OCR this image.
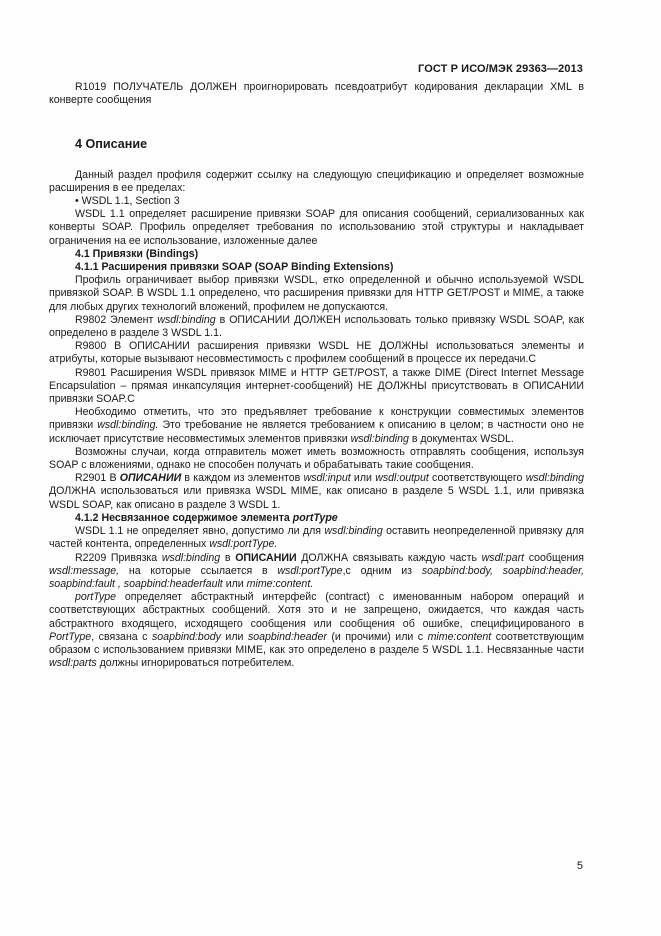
ГОСТ Р ИСО/МЭК 29363—2013

R1019 ПОЛУЧАТЕЛЬ ДОЛЖЕН проигнорировать псевдоатрибут кодирования декларации XML в конверте сообщения

4 Описание

Данный раздел профиля содержит ссылку на следующую спецификацию и определяет возможные расширения в ее пределах:

• WSDL 1.1, Section 3

WSDL 1.1 определяет расширение привязки SOAP для описания сообщений, сериализованных как конверты SOAP. Профиль определяет требования по использованию этой структуры и накладывает ограничения на ее использование, изложенные далее

4.1 Привязки (Bindings)

4.1.1 Расширения привязки SOAP (SOAP Binding Extensions)

Профиль ограничивает выбор привязки WSDL, етко определенной и обычно используемой WSDL привязкой SOAP. В WSDL 1.1 определено, что расширения привязки для HTTP GET/POST и MIME, а также для любых других технологий вложений, профилем не допускаются.

R9802 Элемент wsdl:binding в ОПИСАНИИ ДОЛЖЕН использовать только привязку WSDL SOAP, как определено в разделе 3 WSDL 1.1.

R9800 В ОПИСАНИИ расширения привязки WSDL НЕ ДОЛЖНЫ использоваться элементы и атрибуты, которые вызывают несовместимость с профилем сообщений в процессе их передачи.C

R9801 Расширения WSDL привязок MIME и HTTP GET/POST, а также DIME (Direct Internet Message Encapsulation – прямая инкапсуляция интернет-сообщений) НЕ ДОЛЖНЫ присутствовать в ОПИСАНИИ привязки SOAP.C

Необходимо отметить, что это предъявляет требование к конструкции совместимых элементов привязки wsdl:binding. Это требование не является требованием к описанию в целом; в частности оно не исключает присутствие несовместимых элементов привязки wsdl:binding в документах WSDL.

Возможны случаи, когда отправитель может иметь возможность отправлять сообщения, используя SOAP с вложениями, однако не способен получать и обрабатывать такие сообщения.

R2901 В ОПИСАНИИ в каждом из элементов wsdl:input или wsdl:output соответствующего wsdl:binding ДОЛЖНА использоваться или привязка WSDL MIME, как описано в разделе 5 WSDL 1.1, или привязка WSDL SOAP, как описано в разделе 3 WSDL 1.

4.1.2 Несвязанное содержимое элемента portType

WSDL 1.1 не определяет явно, допустимо ли для wsdl:binding оставить неопределенной привязку для частей контента, определенных wsdl:portType.

R2209 Привязка wsdl:binding в ОПИСАНИИ ДОЛЖНА связывать каждую часть wsdl:part сообщения wsdl:message, на которые ссылается в wsdl:portType,с одним из soapbind:body, soapbind:header, soapbind:fault , soapbind:headerfault или mime:content.

portType определяет абстрактный интерфейс (contract) с именованным набором операций и соответствующих абстрактных сообщений. Хотя это и не запрещено, ожидается, что каждая часть абстрактного входящего, исходящего сообщения или сообщения об ошибке, специфицированого в PortType, связана с soapbind:body или soapbind:header (и прочими) или с mime:content соответствующим образом с использованием привязки MIME, как это определено в разделе 5 WSDL 1.1. Несвязанные части wsdl:parts должны игнорироваться потребителем.

5
